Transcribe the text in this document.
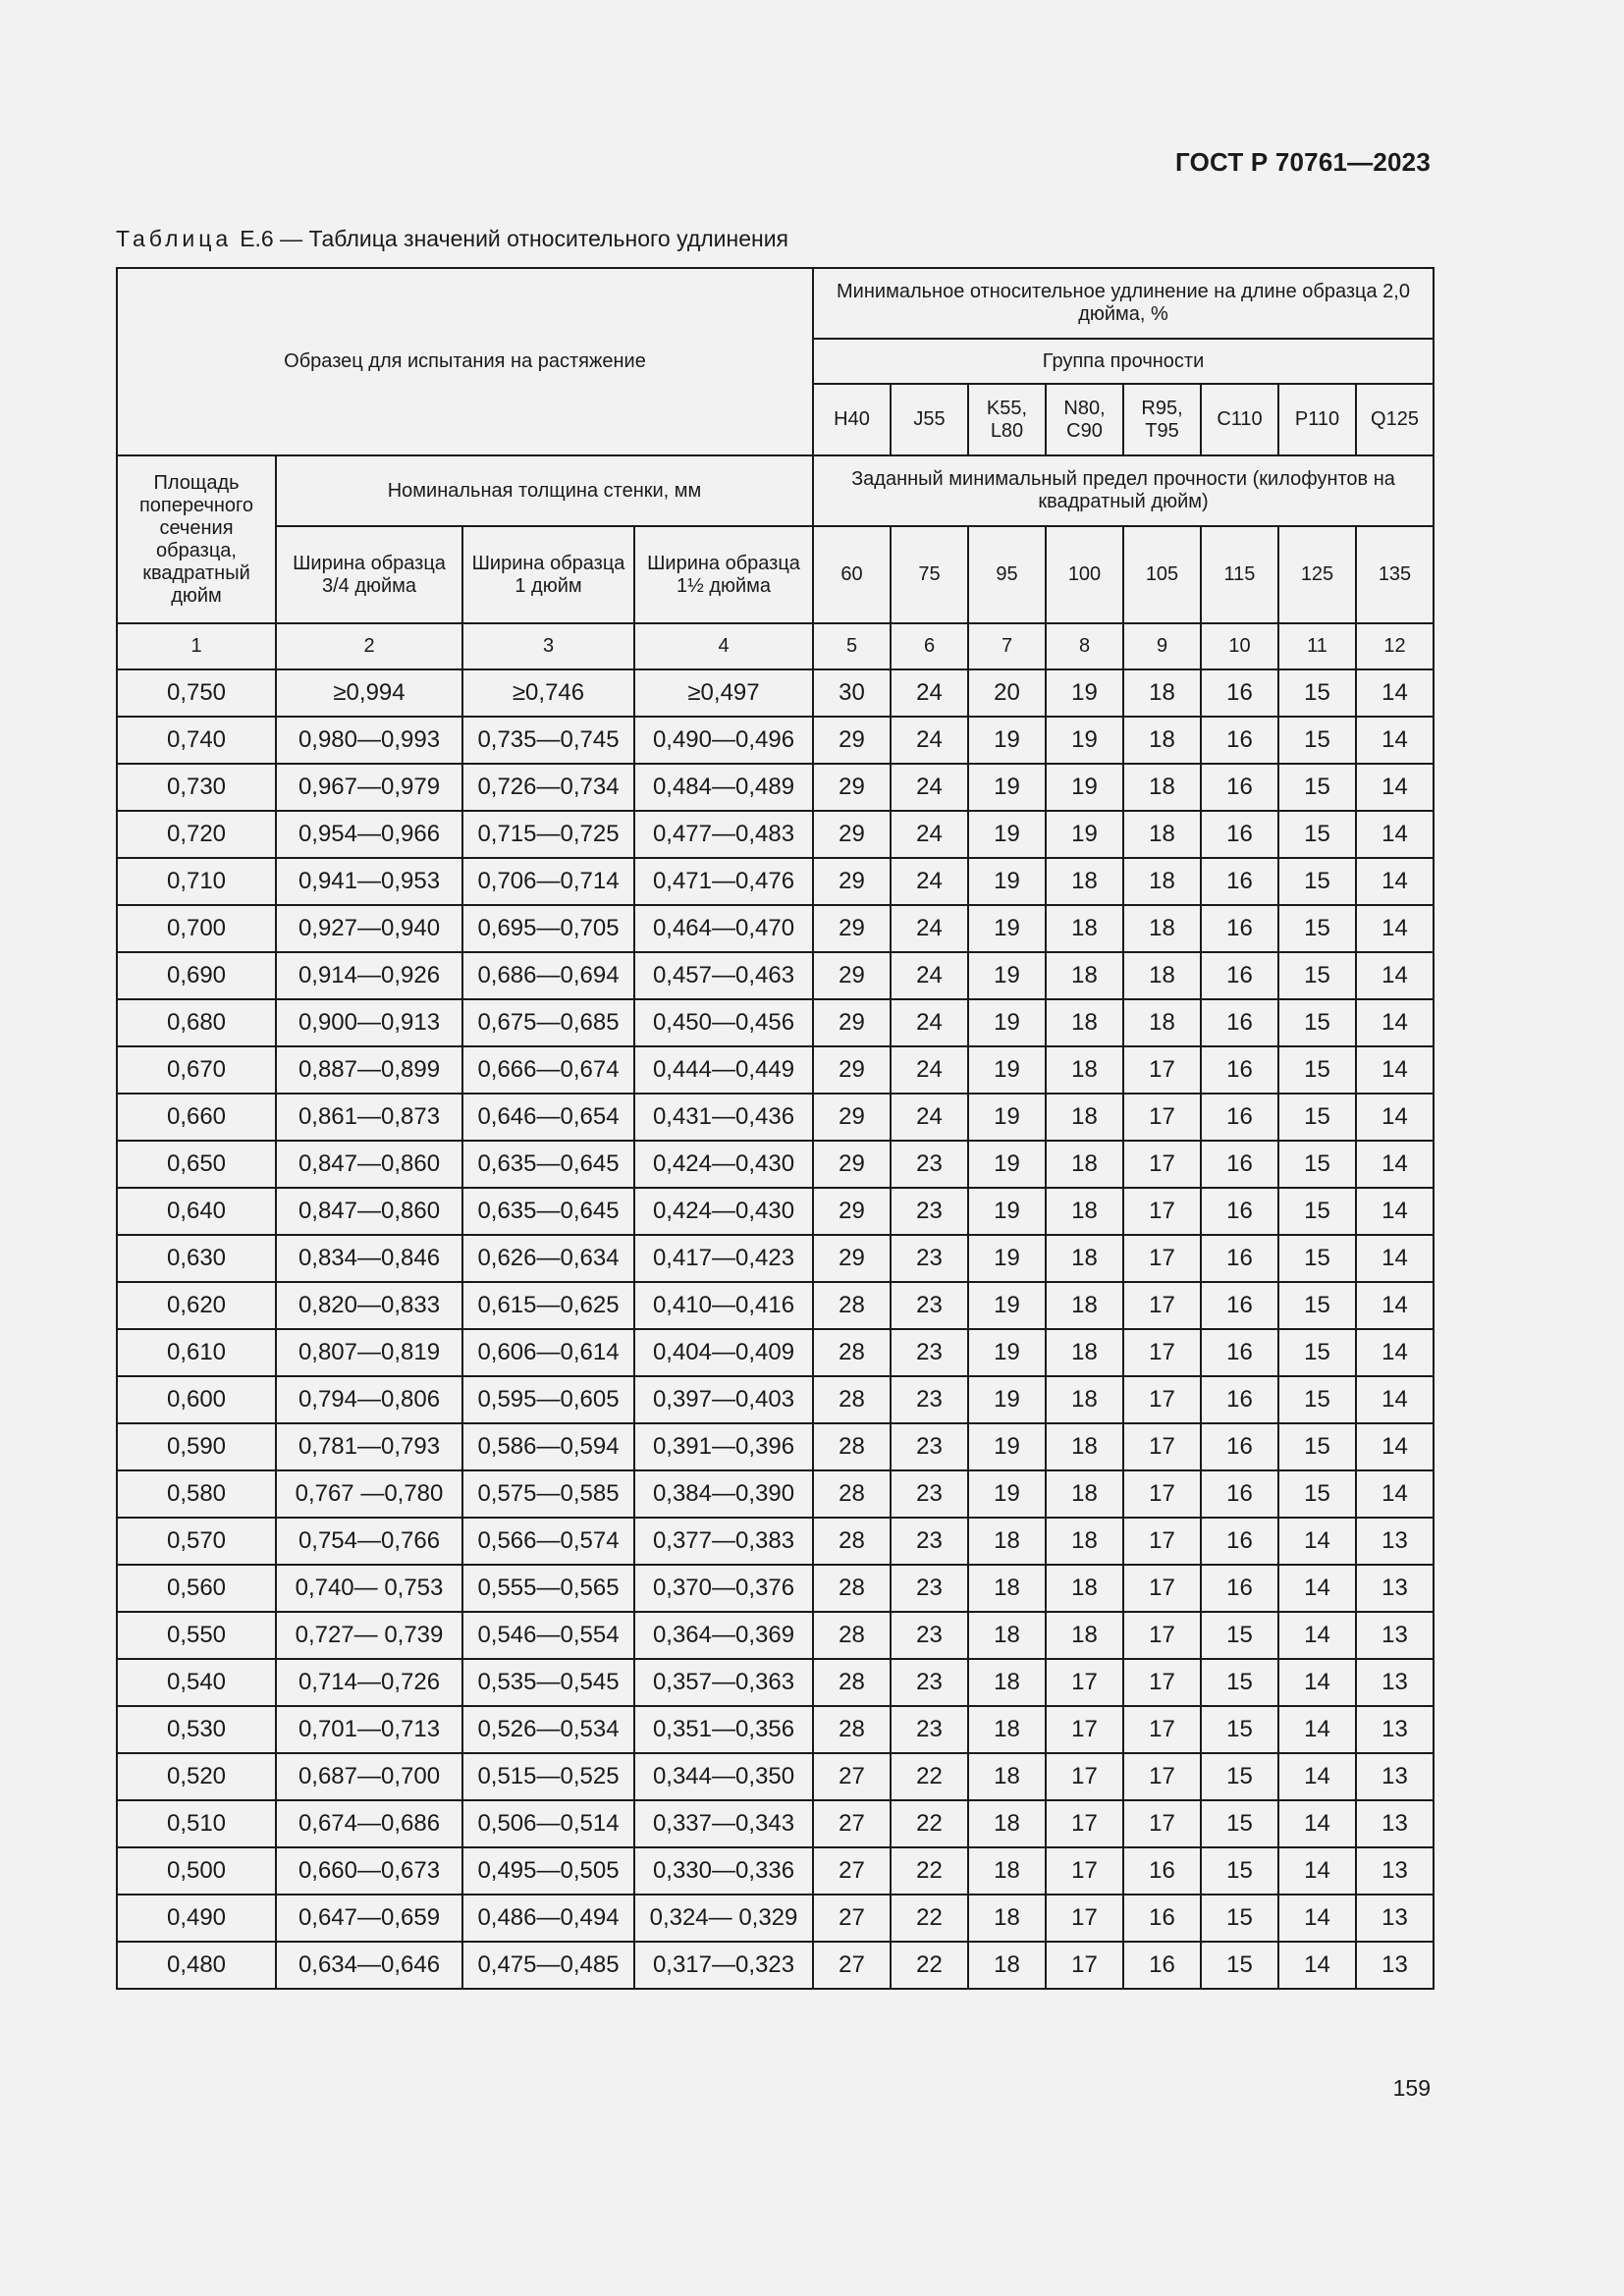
ГОСТ Р 70761—2023
Таблица Е.6 — Таблица значений относительного удлинения
Образец для испытания на растяжение				Минимальное относительное удлинение на длине образца 2,0 дюйма, %							
				Группа прочности							
				Н40	J55	K55, L80	N80, C90	R95, T95	C110	P110	Q125
Площадь поперечного сечения образца, квадратный дюйм	Номинальная толщина стенки, мм			Заданный минимальный предел прочности (килофунтов на квадратный дюйм)							
	Ширина образца 3/4 дюйма	Ширина образца 1 дюйм	Ширина образца 1½ дюйма	60	75	95	100	105	115	125	135
1	2	3	4	5	6	7	8	9	10	11	12
0,750	≥0,994	≥0,746	≥0,497	30	24	20	19	18	16	15	14
0,740	0,980—0,993	0,735—0,745	0,490—0,496	29	24	19	19	18	16	15	14
0,730	0,967—0,979	0,726—0,734	0,484—0,489	29	24	19	19	18	16	15	14
0,720	0,954—0,966	0,715—0,725	0,477—0,483	29	24	19	19	18	16	15	14
0,710	0,941—0,953	0,706—0,714	0,471—0,476	29	24	19	18	18	16	15	14
0,700	0,927—0,940	0,695—0,705	0,464—0,470	29	24	19	18	18	16	15	14
0,690	0,914—0,926	0,686—0,694	0,457—0,463	29	24	19	18	18	16	15	14
0,680	0,900—0,913	0,675—0,685	0,450—0,456	29	24	19	18	18	16	15	14
0,670	0,887—0,899	0,666—0,674	0,444—0,449	29	24	19	18	17	16	15	14
0,660	0,861—0,873	0,646—0,654	0,431—0,436	29	24	19	18	17	16	15	14
0,650	0,847—0,860	0,635—0,645	0,424—0,430	29	23	19	18	17	16	15	14
0,640	0,847—0,860	0,635—0,645	0,424—0,430	29	23	19	18	17	16	15	14
0,630	0,834—0,846	0,626—0,634	0,417—0,423	29	23	19	18	17	16	15	14
0,620	0,820—0,833	0,615—0,625	0,410—0,416	28	23	19	18	17	16	15	14
0,610	0,807—0,819	0,606—0,614	0,404—0,409	28	23	19	18	17	16	15	14
0,600	0,794—0,806	0,595—0,605	0,397—0,403	28	23	19	18	17	16	15	14
0,590	0,781—0,793	0,586—0,594	0,391—0,396	28	23	19	18	17	16	15	14
0,580	0,767 —0,780	0,575—0,585	0,384—0,390	28	23	19	18	17	16	15	14
0,570	0,754—0,766	0,566—0,574	0,377—0,383	28	23	18	18	17	16	14	13
0,560	0,740— 0,753	0,555—0,565	0,370—0,376	28	23	18	18	17	16	14	13
0,550	0,727— 0,739	0,546—0,554	0,364—0,369	28	23	18	18	17	15	14	13
0,540	0,714—0,726	0,535—0,545	0,357—0,363	28	23	18	17	17	15	14	13
0,530	0,701—0,713	0,526—0,534	0,351—0,356	28	23	18	17	17	15	14	13
0,520	0,687—0,700	0,515—0,525	0,344—0,350	27	22	18	17	17	15	14	13
0,510	0,674—0,686	0,506—0,514	0,337—0,343	27	22	18	17	17	15	14	13
0,500	0,660—0,673	0,495—0,505	0,330—0,336	27	22	18	17	16	15	14	13
0,490	0,647—0,659	0,486—0,494	0,324— 0,329	27	22	18	17	16	15	14	13
0,480	0,634—0,646	0,475—0,485	0,317—0,323	27	22	18	17	16	15	14	13
159
